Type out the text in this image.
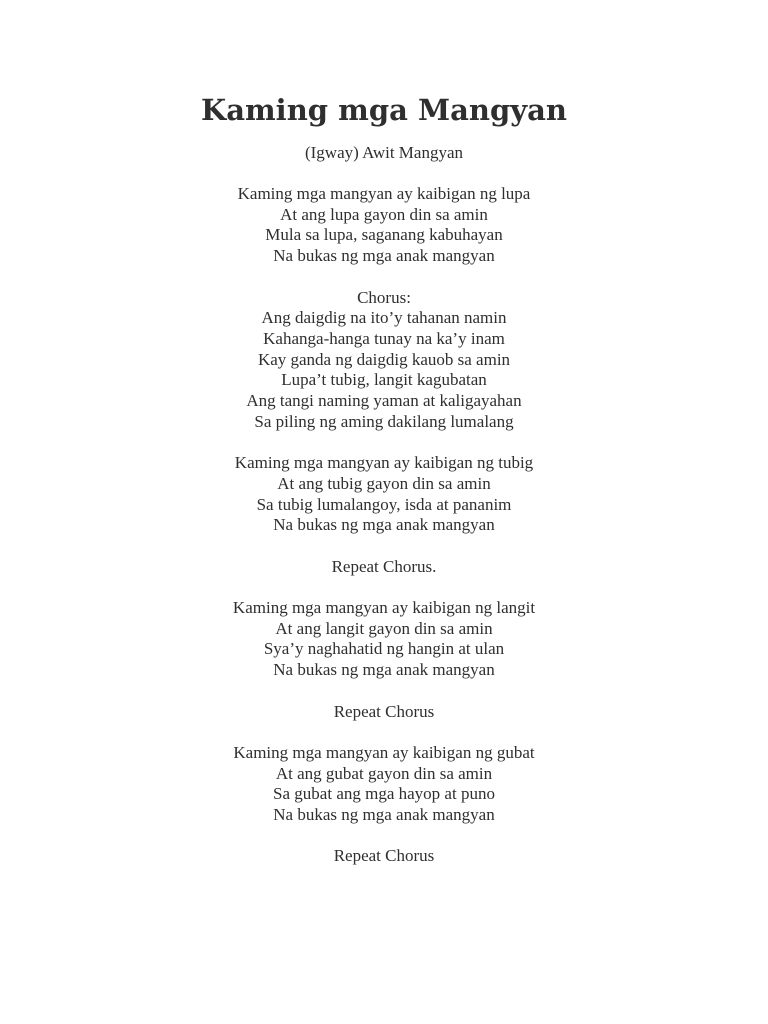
Kaming mga Mangyan

(Igway) Awit Mangyan

Kaming mga mangyan ay kaibigan ng lupa
At ang lupa gayon din sa amin
Mula sa lupa, saganang kabuhayan
Na bukas ng mga anak mangyan

Chorus:
Ang daigdig na ito’y tahanan namin
Kahanga-hanga tunay na ka’y inam
Kay ganda ng daigdig kauob sa amin
Lupa’t tubig, langit kagubatan
Ang tangi naming yaman at kaligayahan
Sa piling ng aming dakilang lumalang

Kaming mga mangyan ay kaibigan ng tubig
At ang tubig gayon din sa amin
Sa tubig lumalangoy, isda at pananim
Na bukas ng mga anak mangyan

Repeat Chorus.

Kaming mga mangyan ay kaibigan ng langit
At ang langit gayon din sa amin
Sya’y naghahatid ng hangin at ulan
Na bukas ng mga anak mangyan

Repeat Chorus

Kaming mga mangyan ay kaibigan ng gubat
At ang gubat gayon din sa amin
Sa gubat ang mga hayop at puno
Na bukas ng mga anak mangyan

Repeat Chorus
